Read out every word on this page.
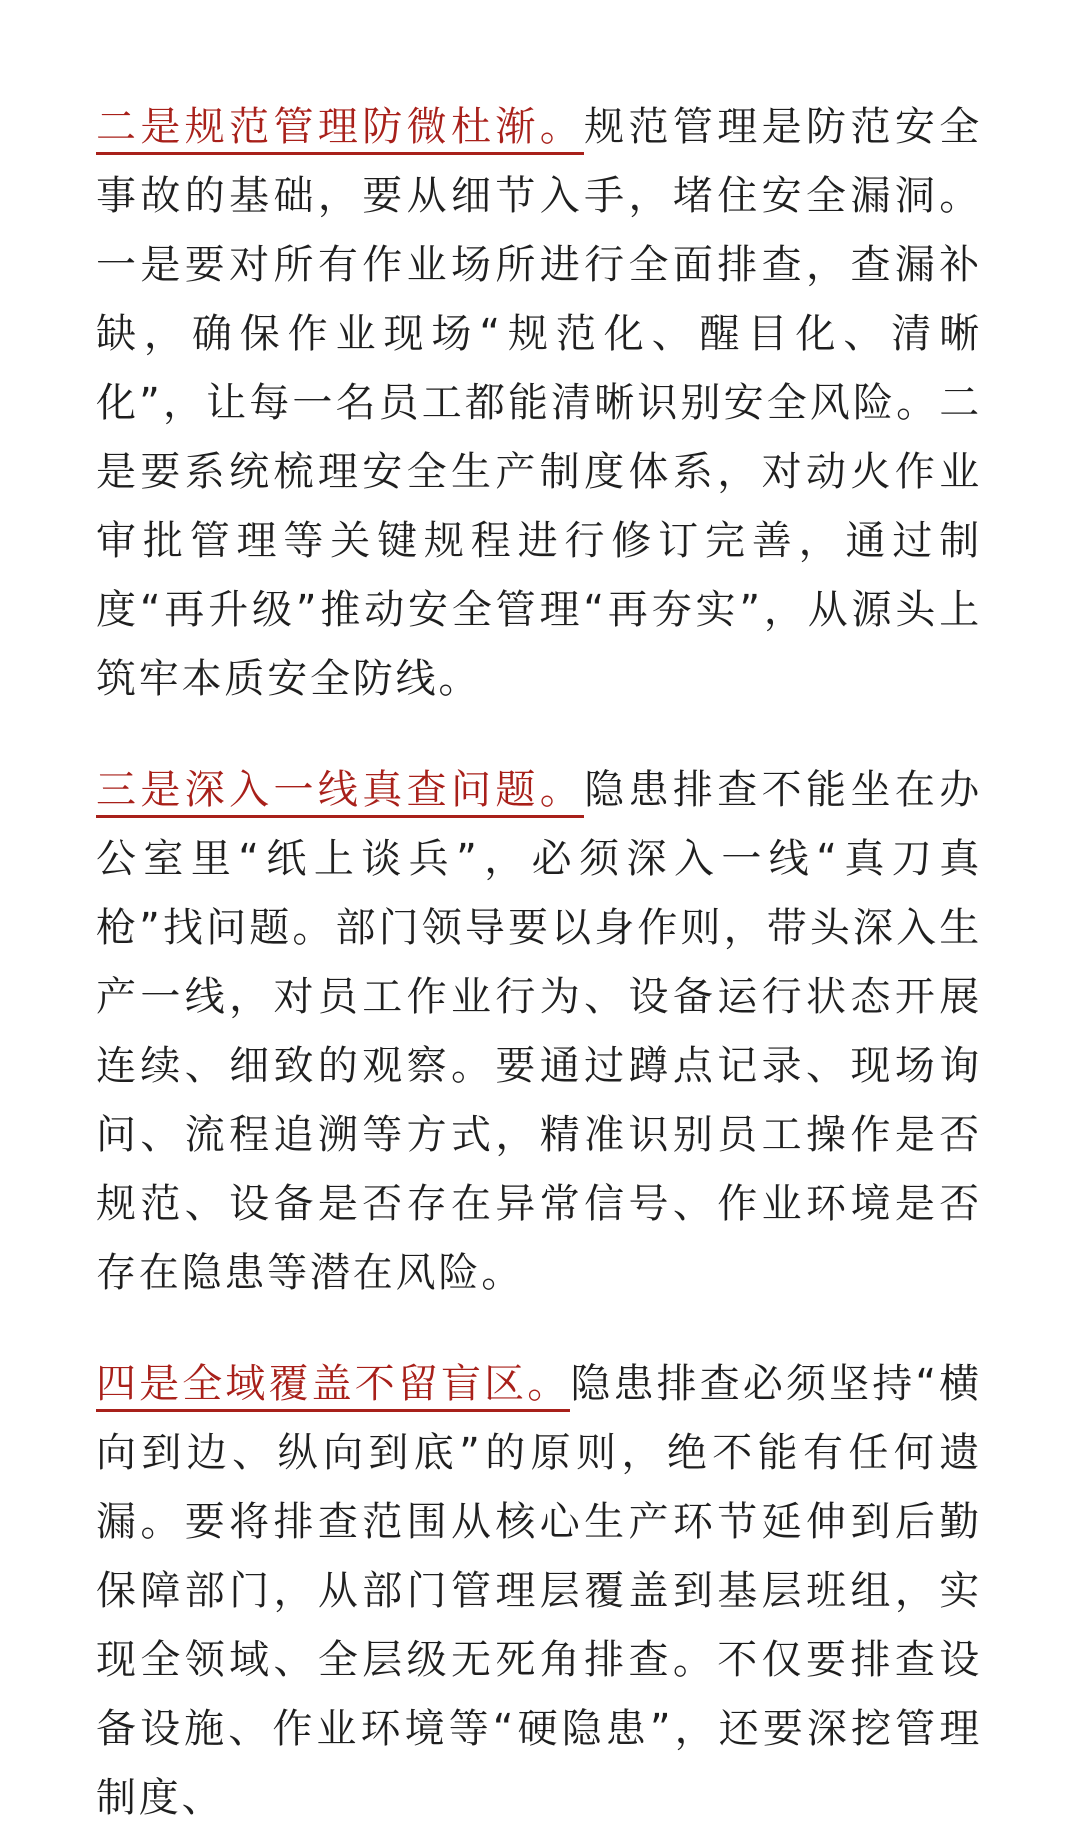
二是规范管理防微杜渐。规范管理是防范安全事故的基础，要从细节入手，堵住安全漏洞。一是要对所有作业场所进行全面排查，查漏补缺，确保作业现场“规范化、醒目化、清晰化”，让每一名员工都能清晰识别安全风险。二是要系统梳理安全生产制度体系，对动火作业审批管理等关键规程进行修订完善，通过制度“再升级”推动安全管理“再夯实”，从源头上筑牢本质安全防线。

三是深入一线真查问题。隐患排查不能坐在办公室里“纸上谈兵”，必须深入一线“真刀真枪”找问题。部门领导要以身作则，带头深入生产一线，对员工作业行为、设备运行状态开展连续、细致的观察。要通过蹲点记录、现场询问、流程追溯等方式，精准识别员工操作是否规范、设备是否存在异常信号、作业环境是否存在隐患等潜在风险。

四是全域覆盖不留盲区。隐患排查必须坚持“横向到边、纵向到底”的原则，绝不能有任何遗漏。要将排查范围从核心生产环节延伸到后勤保障部门，从部门管理层覆盖到基层班组，实现全领域、全层级无死角排查。不仅要排查设备设施、作业环境等“硬隐患”，还要深挖管理制度、
